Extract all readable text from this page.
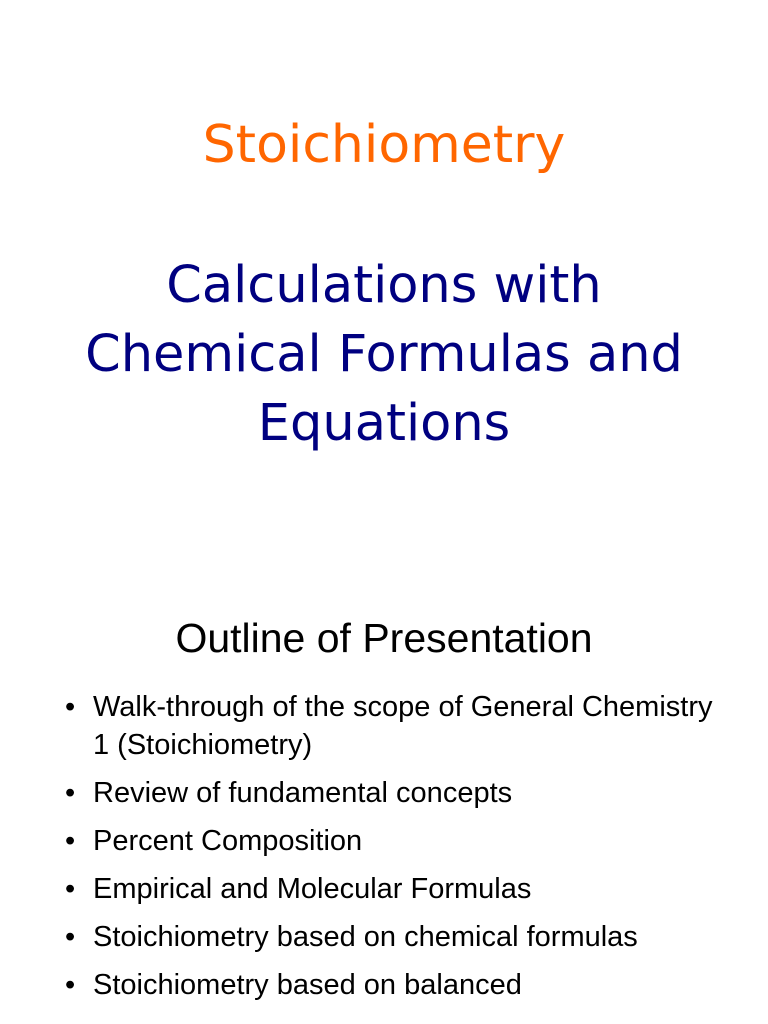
Stoichiometry
Calculations with
Chemical Formulas and
Equations
Outline of Presentation
• Walk-through of the scope of General Chemistry 1 (Stoichiometry)
• Review of fundamental concepts
• Percent Composition
• Empirical and Molecular Formulas
• Stoichiometry based on chemical formulas
• Stoichiometry based on balanced
